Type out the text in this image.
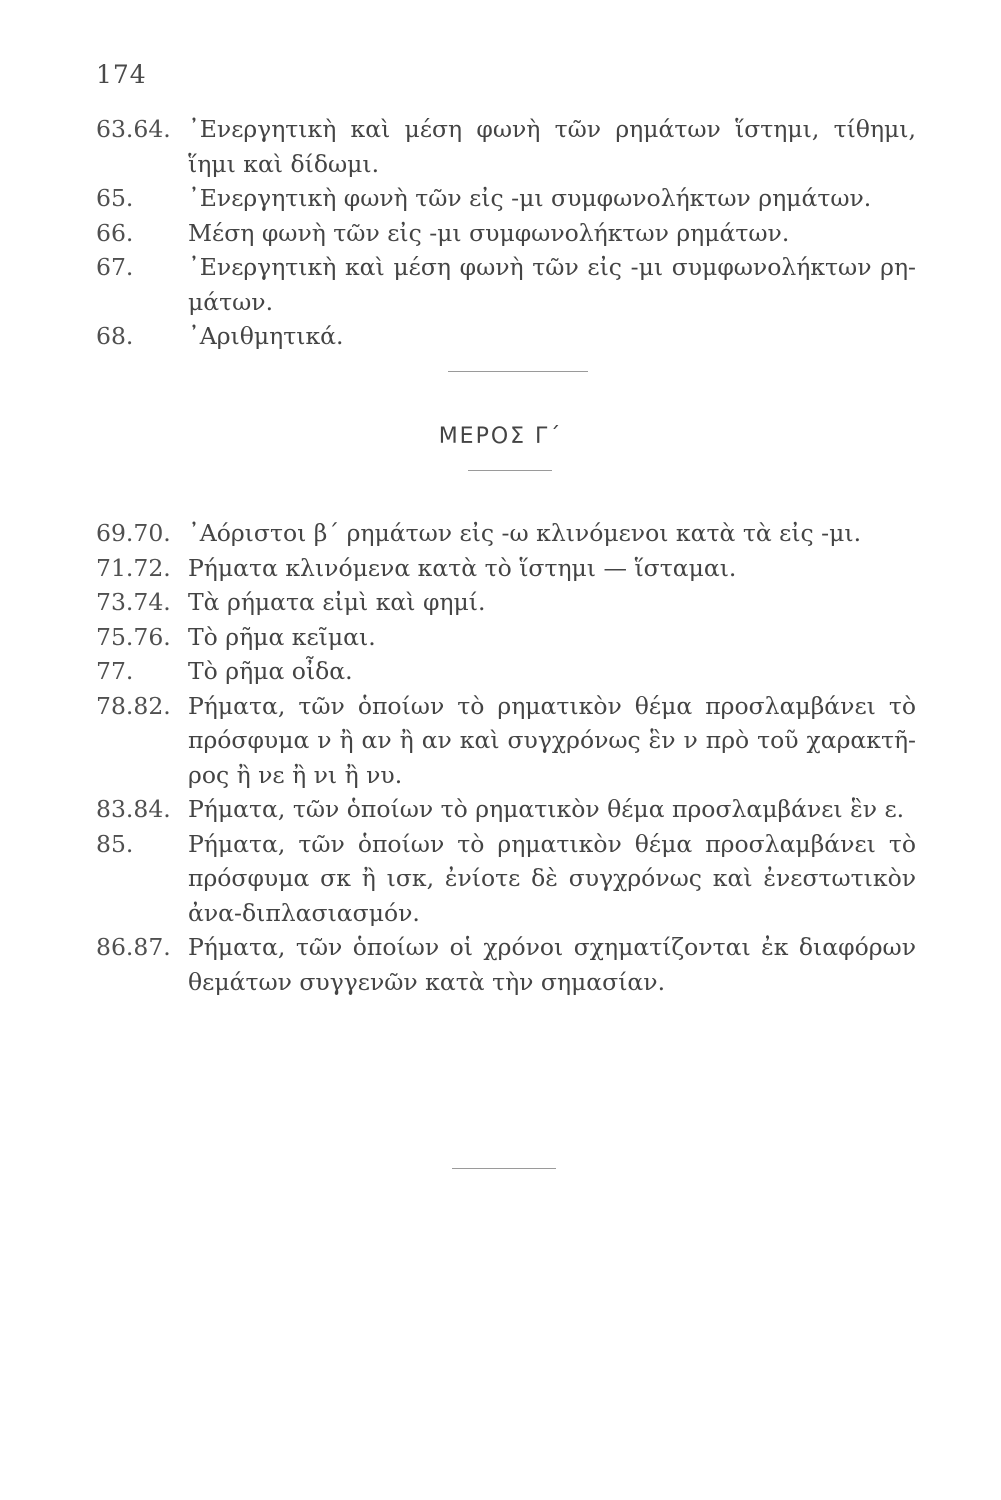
174
63.64. ᾿Ενεργητικὴ καὶ μέση φωνὴ τῶν ρημάτων ἵστημι, τίθημι, ἵημι καὶ δίδωμι.
65.	᾿Ενεργητικὴ φωνὴ τῶν εἰς -μι συμφωνολήκτων ρημάτων.
66.	Μέση φωνὴ τῶν εἰς -μι συμφωνολήκτων ρημάτων.
67.	᾿Ενεργητικὴ καὶ μέση φωνὴ τῶν εἰς -μι συμφωνολήκτων ρη-μάτων.
68.	᾿Αριθμητικά.
ΜΕΡΟΣ Γ΄
69.70. ᾿Αόριστοι β΄ ρημάτων εἰς -ω κλινόμενοι κατὰ τὰ εἰς -μι.
71.72. Ρήματα κλινόμενα κατὰ τὸ ἵστημι — ἵσταμαι.
73.74. Τὰ ρήματα εἰμὶ καὶ φημί.
75.76. Τὸ ρῆμα κεῖμαι.
77.	Τὸ ρῆμα οἶδα.
78.82. Ρήματα, τῶν ὁποίων τὸ ρηματικὸν θέμα προσλαμβάνει τὸ πρόσφυμα ν ἢ αν ἢ αν καὶ συγχρόνως ἓν ν πρὸ τοῦ χαρακτῆ-ρος ἢ νε ἢ νι ἢ νυ.
83.84. Ρήματα, τῶν ὁποίων τὸ ρηματικὸν θέμα προσλαμβάνει ἓν ε.
85.	Ρήματα, τῶν ὁποίων τὸ ρηματικὸν θέμα προσλαμβάνει τὸ πρόσφυμα σκ ἢ ισκ, ἐνίοτε δὲ συγχρόνως καὶ ἐνεστωτικὸν ἀνα-διπλασιασμόν.
86.87. Ρήματα, τῶν ὁποίων οἱ χρόνοι σχηματίζονται ἐκ διαφόρων θεμάτων συγγενῶν κατὰ τὴν σημασίαν.
